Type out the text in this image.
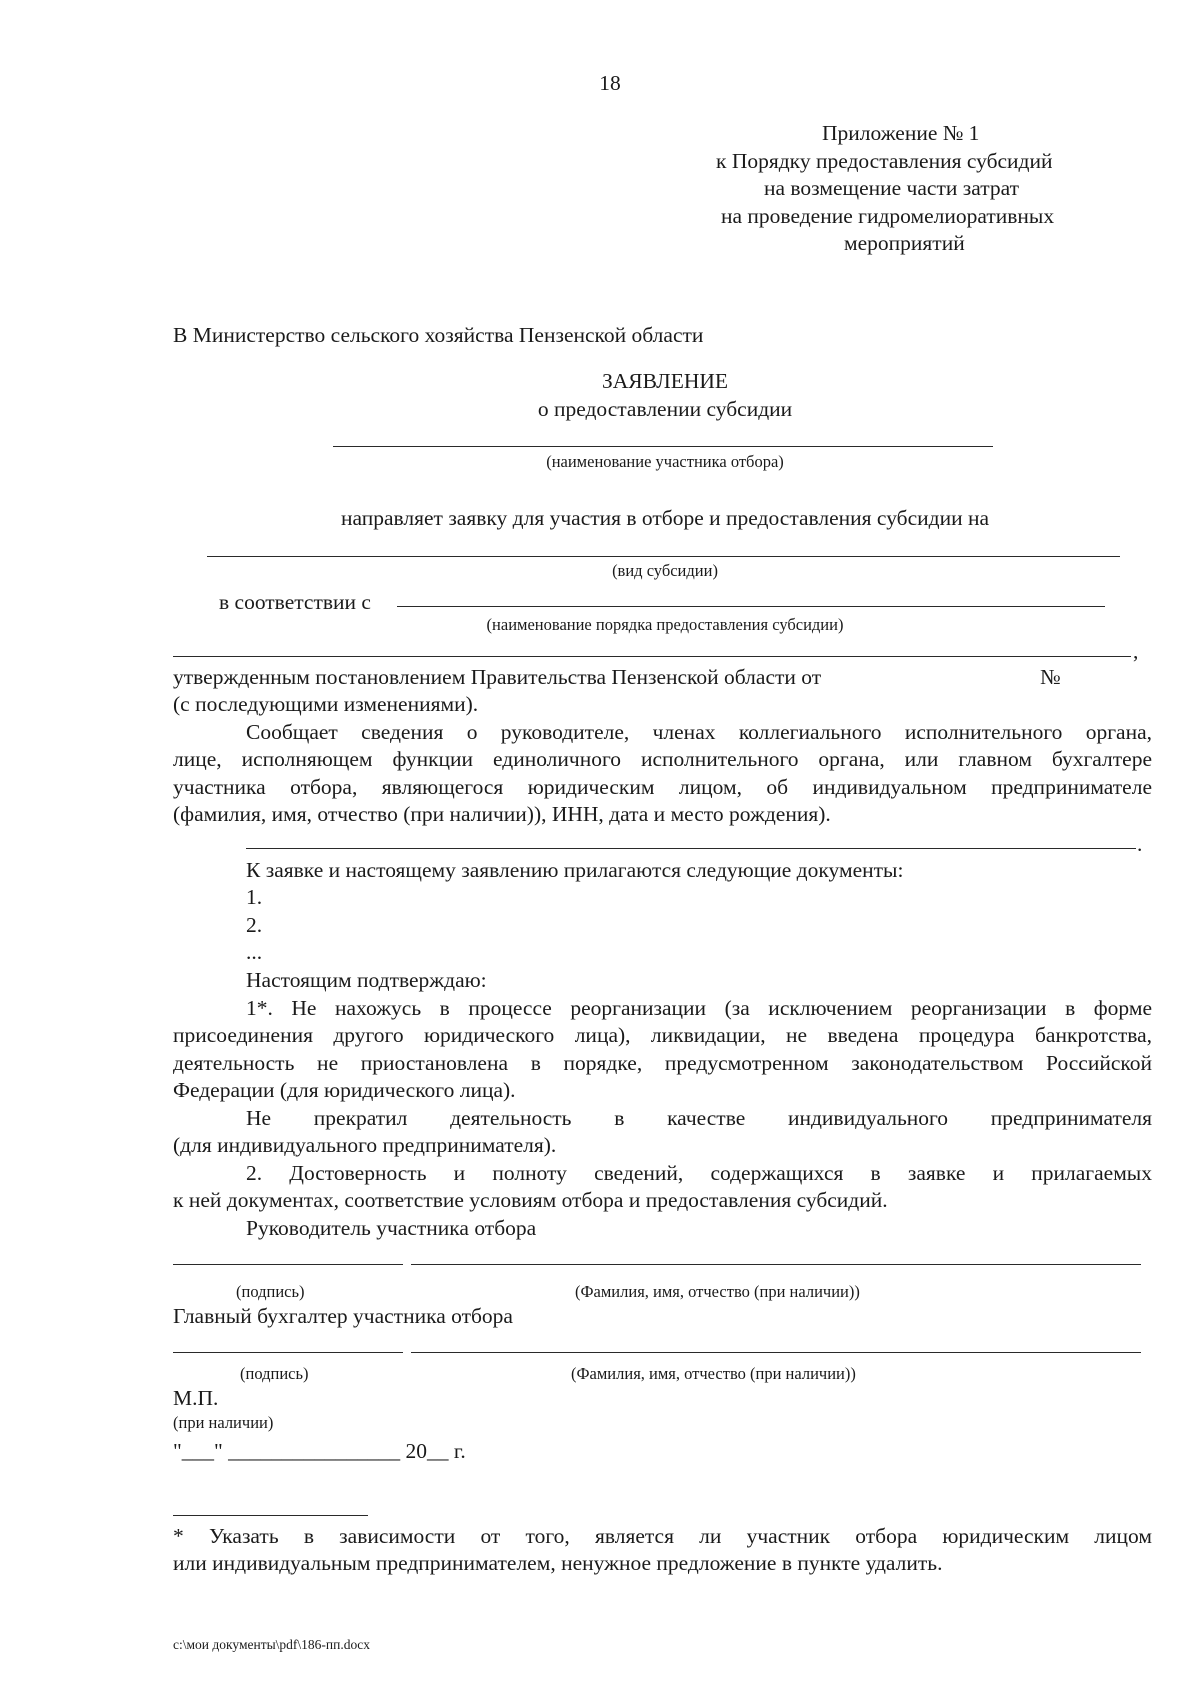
18
Приложение № 1
к Порядку предоставления субсидий
на возмещение части затрат
на проведение гидромелиоративных
мероприятий
В Министерство сельского хозяйства Пензенской области
ЗАЯВЛЕНИЕ
о предоставлении субсидии
(наименование участника отбора)
направляет заявку для участия в отборе и предоставления субсидии на
(вид субсидии)
в соответствии с
(наименование порядка предоставления субсидии)
,
утвержденным постановлением Правительства Пензенской области от	№
(с последующими изменениями).
Сообщает сведения о руководителе, членах коллегиального исполнительного органа,
лице, исполняющем функции единоличного исполнительного органа, или главном бухгалтере
участника отбора, являющегося юридическим лицом, об индивидуальном предпринимателе
(фамилия, имя, отчество (при наличии)), ИНН, дата и место рождения).
.
К заявке и настоящему заявлению прилагаются следующие документы:
1.
2.
...
Настоящим подтверждаю:
1*. Не нахожусь в процессе реорганизации (за исключением реорганизации в форме
присоединения другого юридического лица), ликвидации, не введена процедура банкротства,
деятельность не приостановлена в порядке, предусмотренном законодательством Российской
Федерации (для юридического лица).
Не прекратил деятельность в качестве индивидуального предпринимателя
(для индивидуального предпринимателя).
2. Достоверность и полноту сведений, содержащихся в заявке и прилагаемых
к ней документах, соответствие условиям отбора и предоставления субсидий.
Руководитель участника отбора
(подпись)	(Фамилия, имя, отчество (при наличии))
Главный бухгалтер участника отбора
(подпись)	(Фамилия, имя, отчество (при наличии))
М.П.
(при наличии)
"___" ________________ 20__ г.
* Указать в зависимости от того, является ли участник отбора юридическим лицом
или индивидуальным предпринимателем, ненужное предложение в пункте удалить.
c:\мои документы\pdf\186-пп.docx
